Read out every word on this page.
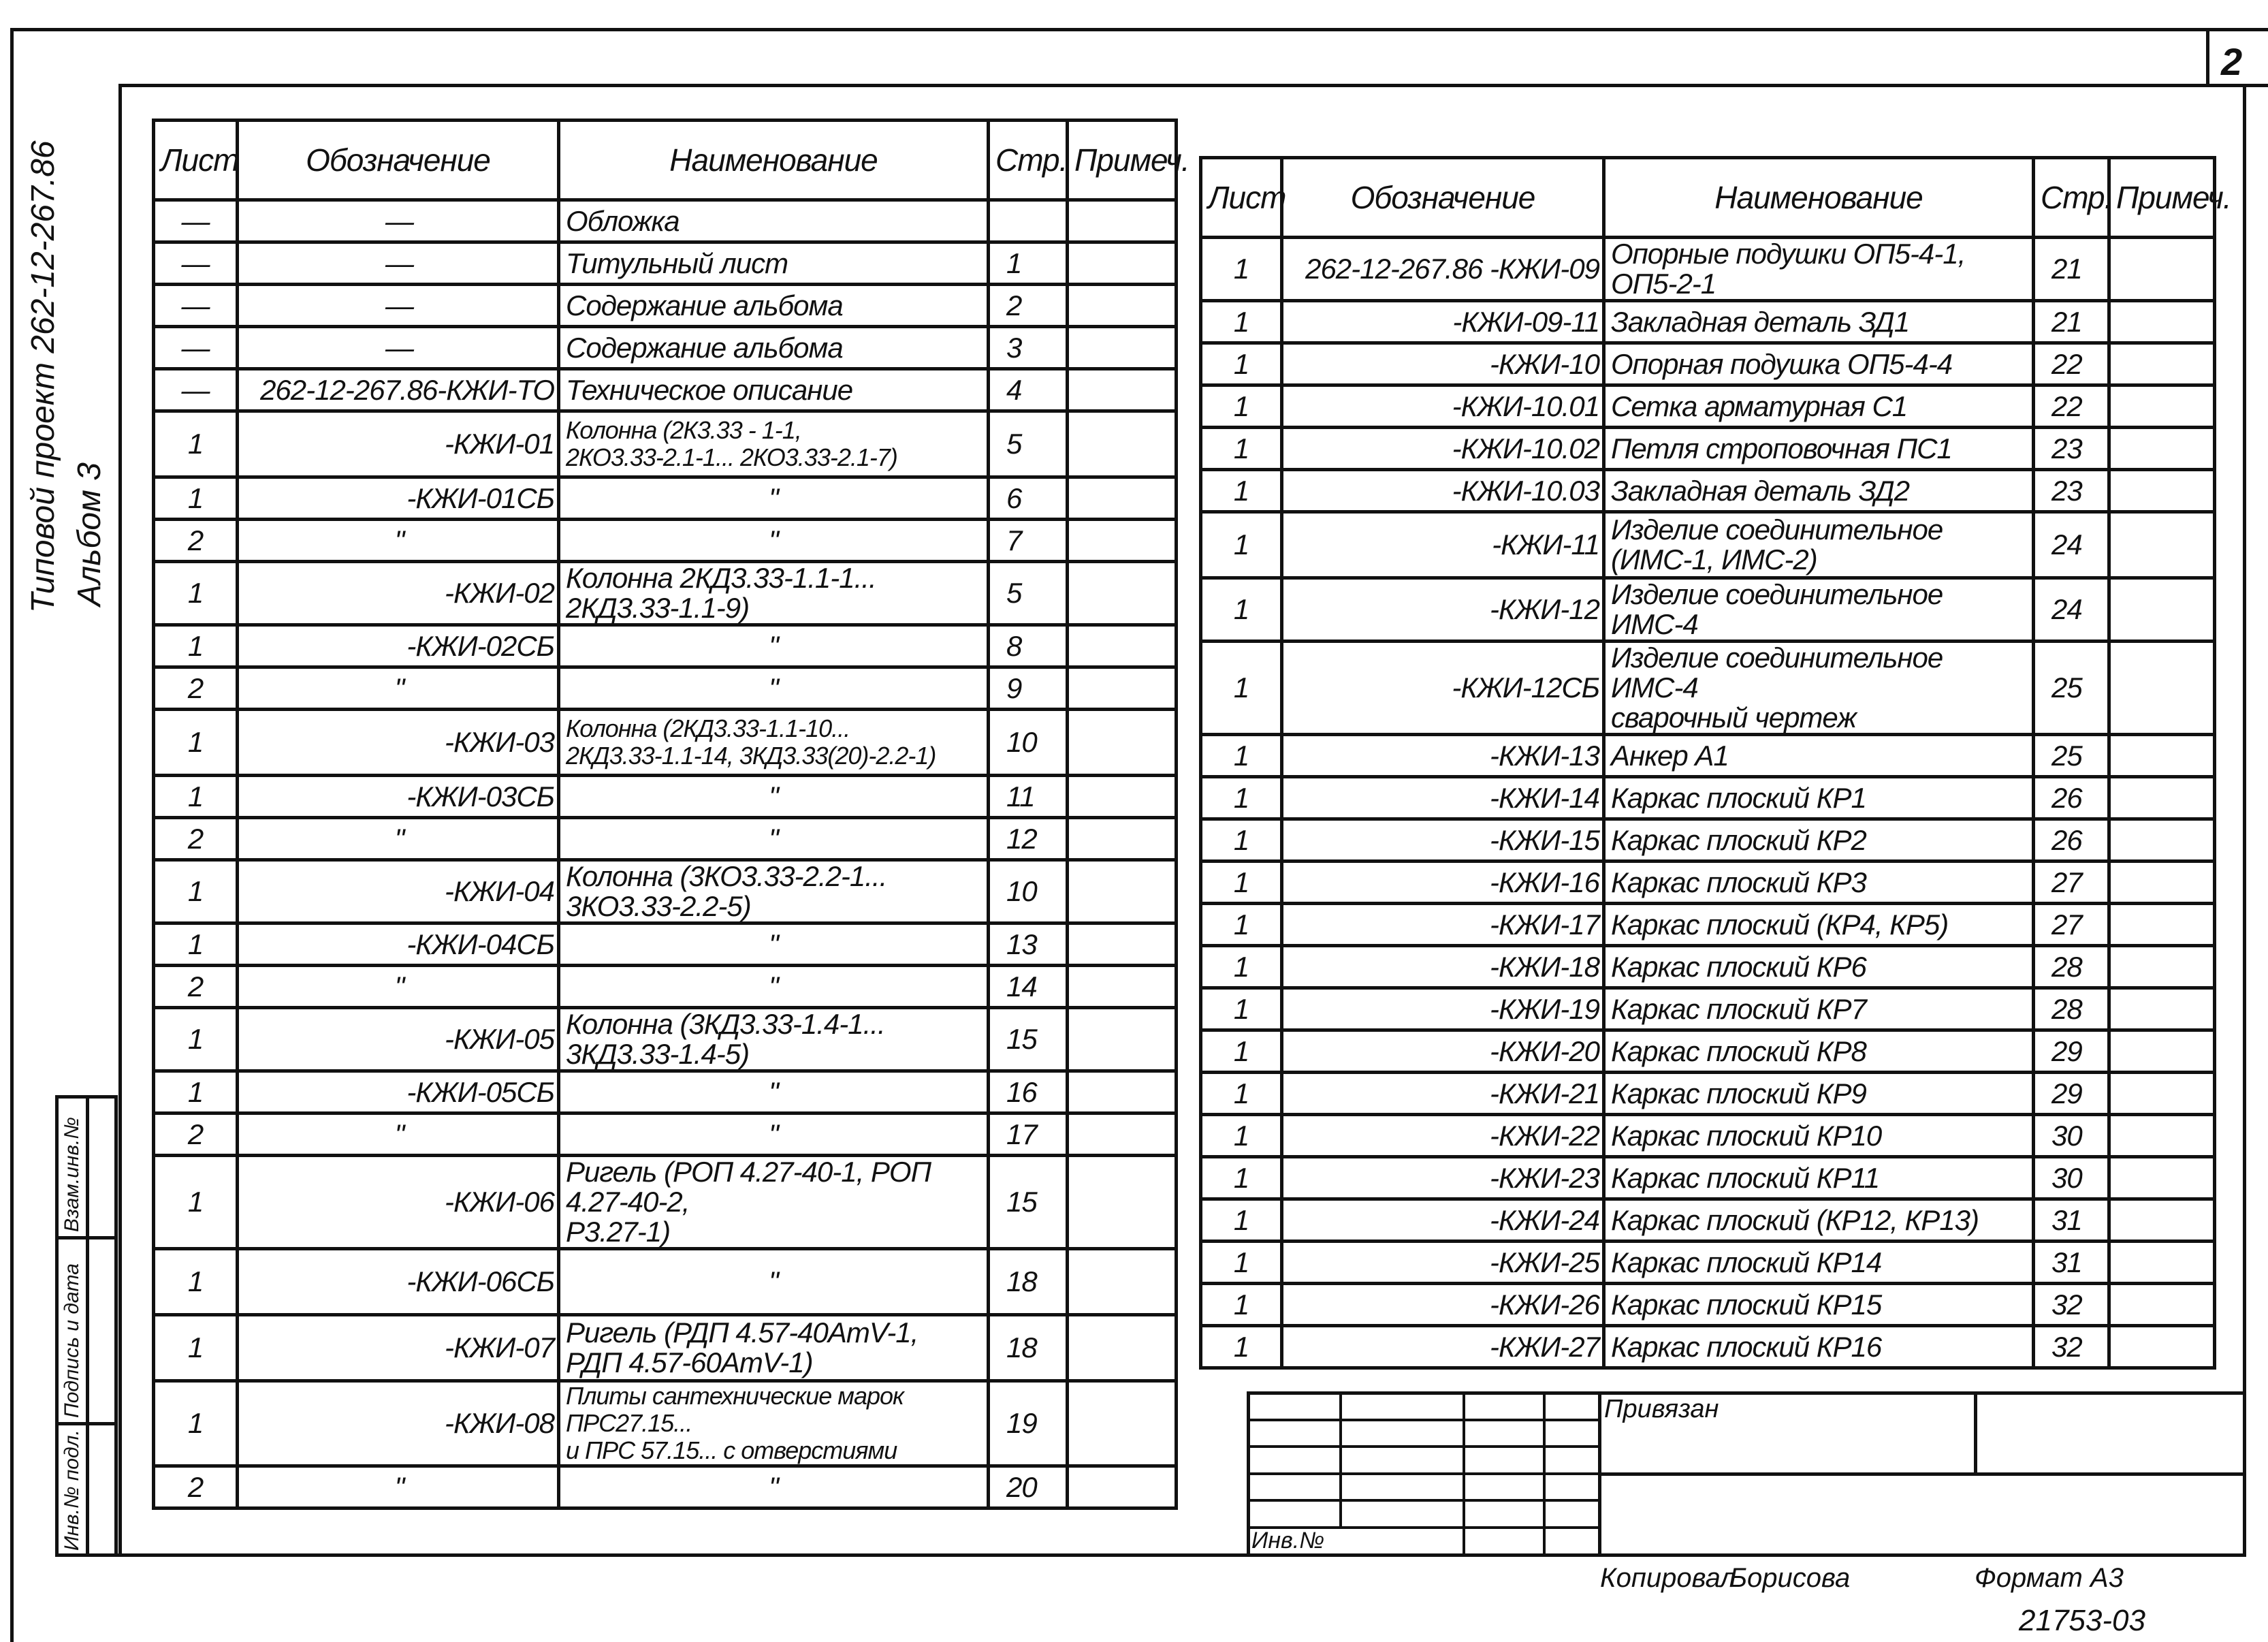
2
Типовой проект 262-12-267.86 Альбом 3
Взам.инв.№
Подпись и дата
Инв.№ подл.
Лист	Обозначение	Наименование	Стр.	Примеч.
—	—	Обложка		
—	—	Титульный лист	1	
—	—	Содержание альбома	2	
—	—	Содержание альбома	3	
—	262-12-267.86-КЖИ-ТО	Техническое описание	4	
1	-КЖИ-01	Колонна (2К3.33 - 1-1,
2КО3.33-2.1-1... 2КО3.33-2.1-7)	5	
1	-КЖИ-01СБ	"	6	
2	"	"	7	
1	-КЖИ-02	Колонна 2КД3.33-1.1-1... 2КД3.33-1.1-9)	5	
1	-КЖИ-02СБ	"	8	
2	"	"	9	
1	-КЖИ-03	Колонна (2КД3.33-1.1-10...
2КД3.33-1.1-14, 3КД3.33(20)-2.2-1)	10	
1	-КЖИ-03СБ	"	11	
2	"	"	12	
1	-КЖИ-04	Колонна (3КО3.33-2.2-1... 3КО3.33-2.2-5)	10	
1	-КЖИ-04СБ	"	13	
2	"	"	14	
1	-КЖИ-05	Колонна (3КД3.33-1.4-1... 3КД3.33-1.4-5)	15	
1	-КЖИ-05СБ	"	16	
2	"	"	17	
1	-КЖИ-06	Ригель (РОП 4.27-40-1, РОП 4.27-40-2,
Р3.27-1)	15	
1	-КЖИ-06СБ	"	18	
1	-КЖИ-07	Ригель (РДП 4.57-40АтV-1,
РДП 4.57-60АтV-1)	18	
1	-КЖИ-08	Плиты сантехнические марок ПРС27.15...
и ПРС 57.15... с отверстиями	19	
2	"	"	20	
Лист	Обозначение	Наименование	Стр.	Примеч.
1	262-12-267.86 -КЖИ-09	Опорные подушки ОП5-4-1, ОП5-2-1	21	
1	-КЖИ-09-11	Закладная деталь ЗД1	21	
1	-КЖИ-10	Опорная подушка ОП5-4-4	22	
1	-КЖИ-10.01	Сетка арматурная С1	22	
1	-КЖИ-10.02	Петля строповочная ПС1	23	
1	-КЖИ-10.03	Закладная деталь ЗД2	23	
1	-КЖИ-11	Изделие соединительное
(ИМС-1, ИМС-2)	24	
1	-КЖИ-12	Изделие соединительное ИМС-4	24	
1	-КЖИ-12СБ	Изделие соединительное ИМС-4
сварочный чертеж	25	
1	-КЖИ-13	Анкер А1	25	
1	-КЖИ-14	Каркас плоский КР1	26	
1	-КЖИ-15	Каркас плоский КР2	26	
1	-КЖИ-16	Каркас плоский КР3	27	
1	-КЖИ-17	Каркас плоский (КР4, КР5)	27	
1	-КЖИ-18	Каркас плоский КР6	28	
1	-КЖИ-19	Каркас плоский КР7	28	
1	-КЖИ-20	Каркас плоский КР8	29	
1	-КЖИ-21	Каркас плоский КР9	29	
1	-КЖИ-22	Каркас плоский КР10	30	
1	-КЖИ-23	Каркас плоский КР11	30	
1	-КЖИ-24	Каркас плоский (КР12, КР13)	31	
1	-КЖИ-25	Каркас плоский КР14	31	
1	-КЖИ-26	Каркас плоский КР15	32	
1	-КЖИ-27	Каркас плоский КР16	32	
Инв.№
Привязан
Копировал
Борисова	Формат А3
21753-03
